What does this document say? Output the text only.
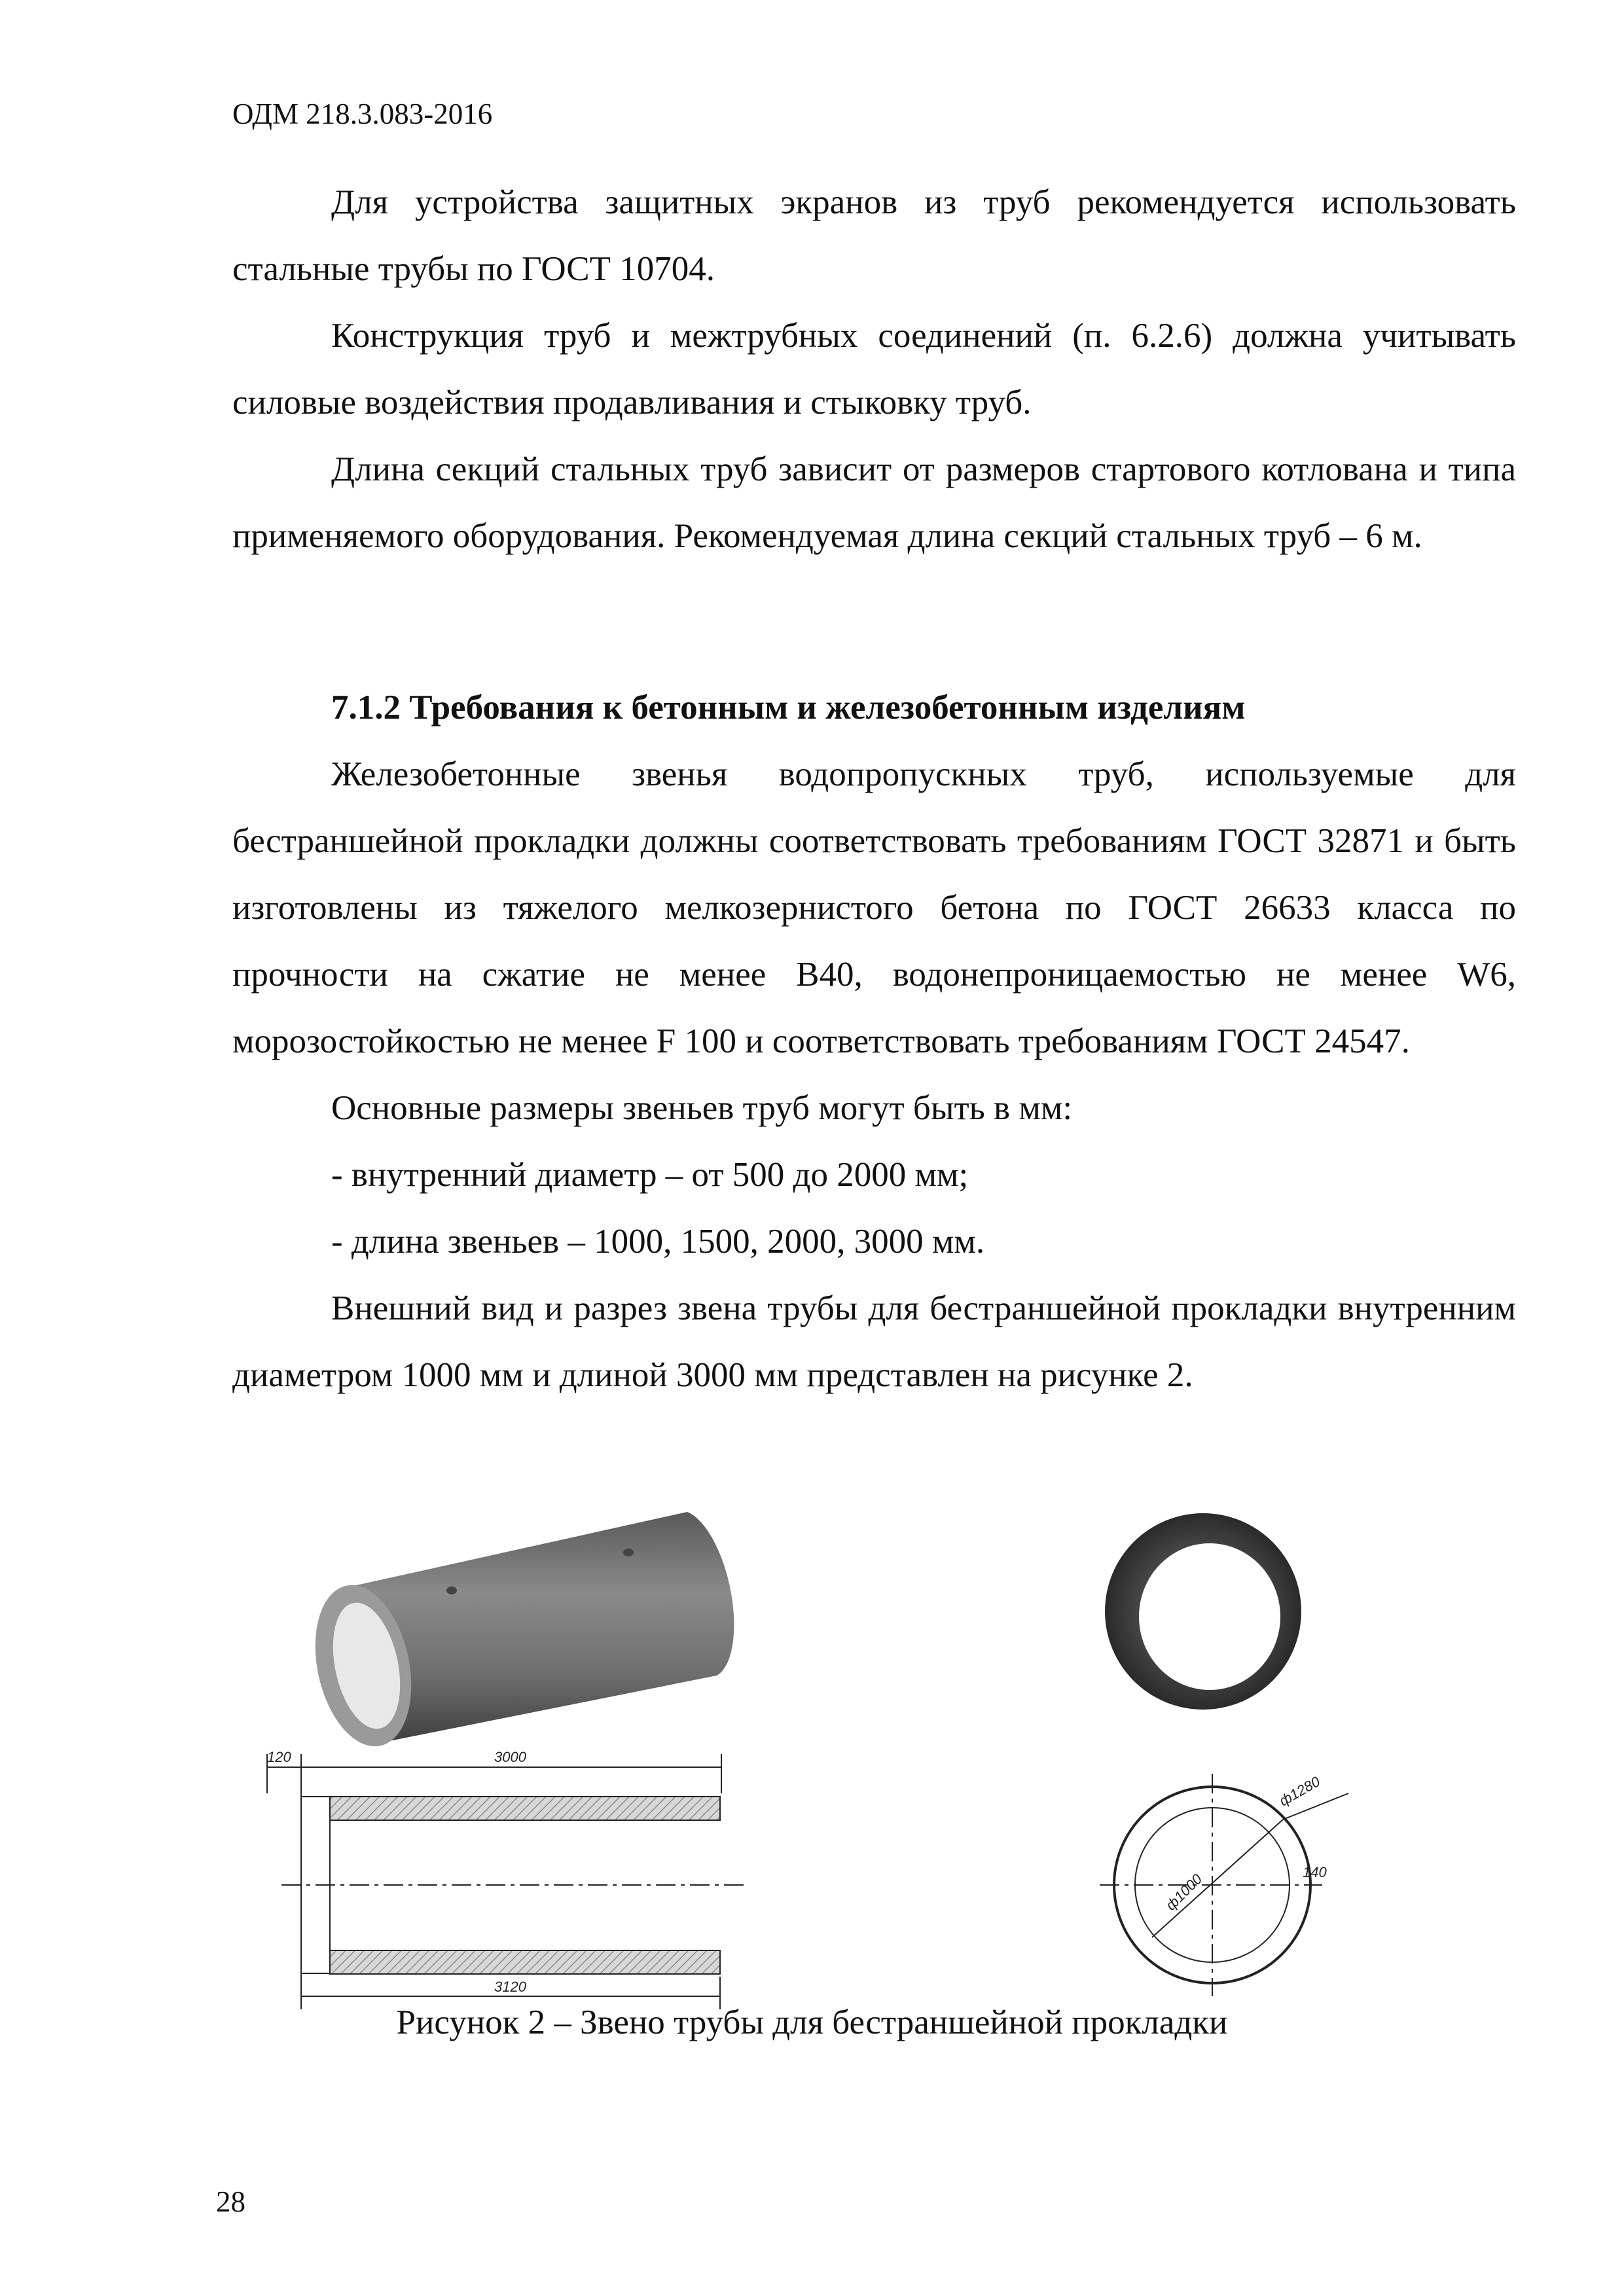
ОДМ 218.3.083-2016

Для устройства защитных экранов из труб рекомендуется использовать стальные трубы по ГОСТ 10704.

Конструкция труб и межтрубных соединений (п. 6.2.6) должна учитывать силовые воздействия продавливания и стыковку труб.

Длина секций стальных труб зависит от размеров стартового котлована и типа применяемого оборудования. Рекомендуемая длина секций стальных труб – 6 м.

7.1.2 Требования к бетонным и железобетонным изделиям

Железобетонные звенья водопропускных труб, используемые для бестраншейной прокладки должны соответствовать требованиям ГОСТ 32871 и быть изготовлены из тяжелого мелкозернистого бетона по ГОСТ 26633 класса по прочности на сжатие не менее В40, водонепроницаемостью не менее W6, морозостойкостью не менее F 100 и соответствовать требованиям ГОСТ 24547.

Основные размеры звеньев труб могут быть в мм:

- внутренний диаметр – от 500 до 2000 мм;

- длина звеньев – 1000, 1500, 2000, 3000 мм.

Внешний вид и разрез звена трубы для бестраншейной прокладки внутренним диаметром 1000 мм и длиной 3000 мм представлен на рисунке 2.

120	3000
3120
ф1280
ф1000	140
Рисунок 2 – Звено трубы для бестраншейной прокладки
28
